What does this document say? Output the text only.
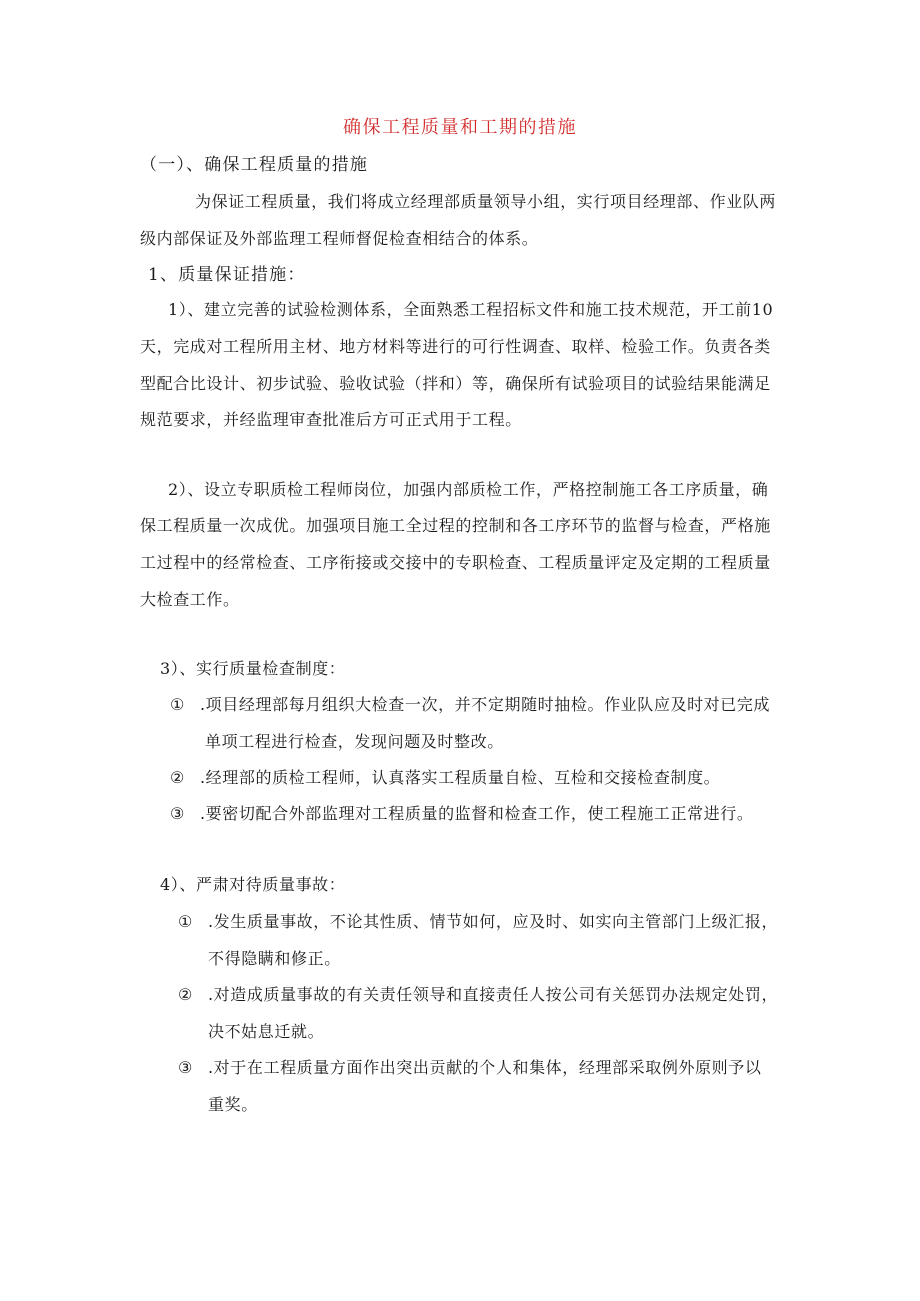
确保工程质量和工期的措施
（一）、确保工程质量的措施
为保证工程质量，我们将成立经理部质量领导小组，实行项目经理部、作业队两
级内部保证及外部监理工程师督促检查相结合的体系。
1、质量保证措施：
1）、建立完善的试验检测体系，全面熟悉工程招标文件和施工技术规范，开工前10
天，完成对工程所用主材、地方材料等进行的可行性调查、取样、检验工作。负责各类
型配合比设计、初步试验、验收试验（拌和）等，确保所有试验项目的试验结果能满足
规范要求，并经监理审查批准后方可正式用于工程。
2）、设立专职质检工程师岗位，加强内部质检工作，严格控制施工各工序质量，确
保工程质量一次成优。加强项目施工全过程的控制和各工序环节的监督与检查，严格施
工过程中的经常检查、工序衔接或交接中的专职检查、工程质量评定及定期的工程质量
大检查工作。
3）、实行质量检查制度：
① .项目经理部每月组织大检查一次，并不定期随时抽检。作业队应及时对已完成
单项工程进行检查，发现问题及时整改。
② .经理部的质检工程师，认真落实工程质量自检、互检和交接检查制度。
③ .要密切配合外部监理对工程质量的监督和检查工作，使工程施工正常进行。
4）、严肃对待质量事故：
① .发生质量事故，不论其性质、情节如何，应及时、如实向主管部门上级汇报，
不得隐瞒和修正。
② .对造成质量事故的有关责任领导和直接责任人按公司有关惩罚办法规定处罚，
决不姑息迁就。
③ .对于在工程质量方面作出突出贡献的个人和集体，经理部采取例外原则予以
重奖。
